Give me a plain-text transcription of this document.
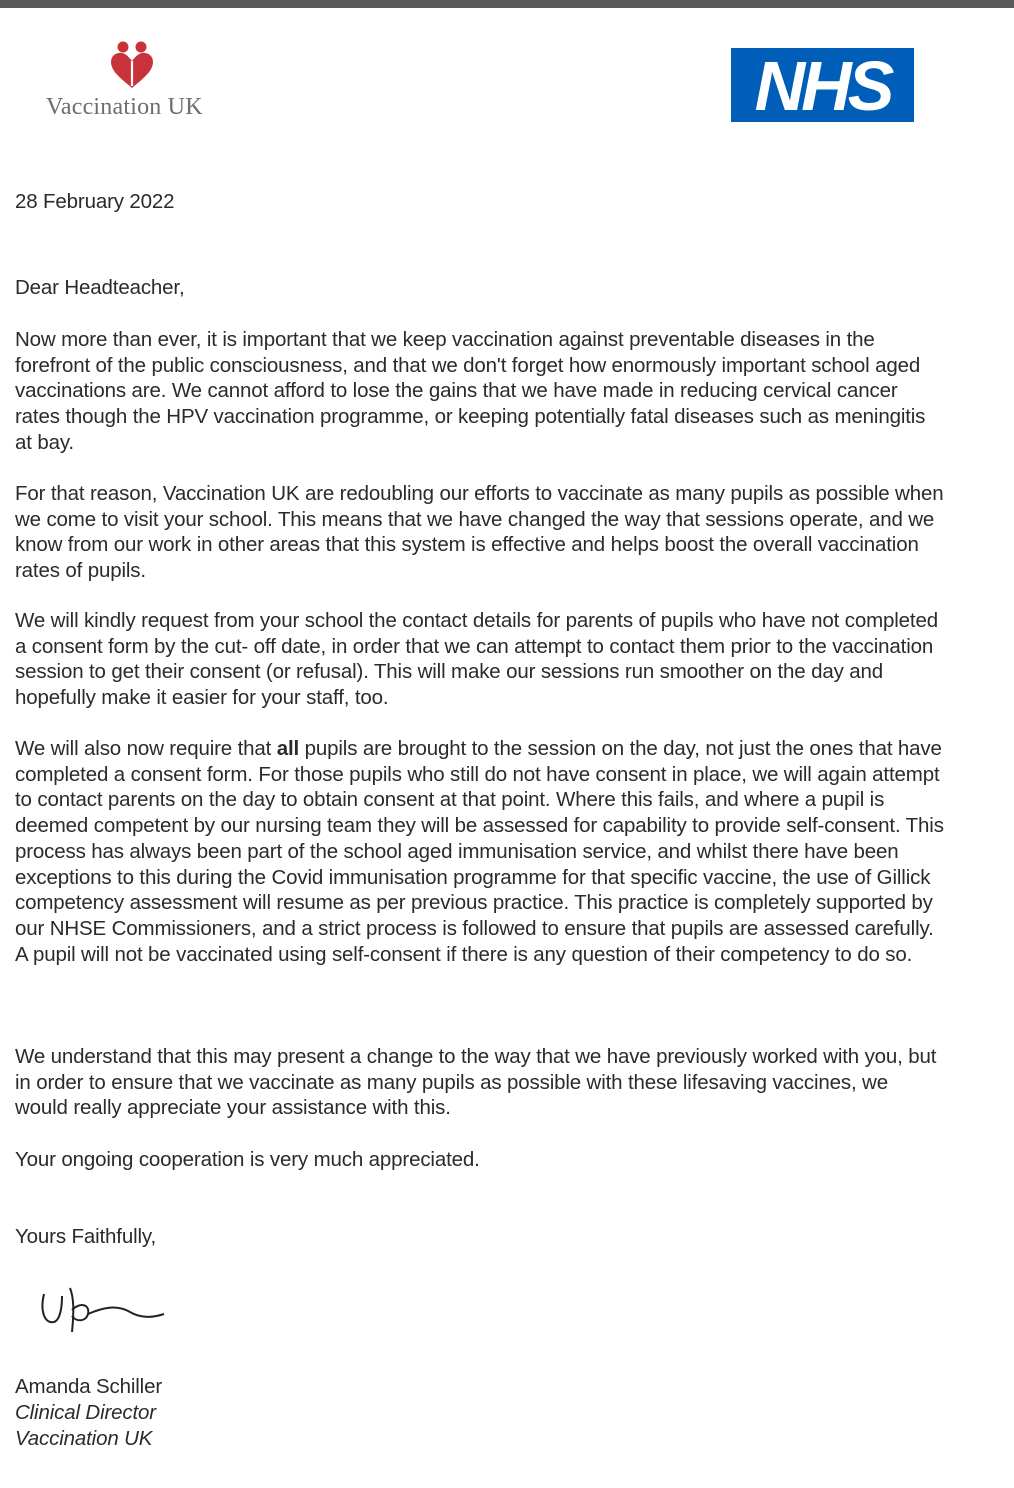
Vaccination UK	NHS
28 February 2022
Dear Headteacher,

Now more than ever, it is important that we keep vaccination against preventable diseases in the forefront of the public consciousness, and that we don't forget how enormously important school aged vaccinations are. We cannot afford to lose the gains that we have made in reducing cervical cancer rates though the HPV vaccination programme, or keeping potentially fatal diseases such as meningitis at bay.

For that reason, Vaccination UK are redoubling our efforts to vaccinate as many pupils as possible when we come to visit your school. This means that we have changed the way that sessions operate, and we know from our work in other areas that this system is effective and helps boost the overall vaccination rates of pupils.

We will kindly request from your school the contact details for parents of pupils who have not completed a consent form by the cut- off date, in order that we can attempt to contact them prior to the vaccination session to get their consent (or refusal). This will make our sessions run smoother on the day and hopefully make it easier for your staff, too.

We will also now require that all pupils are brought to the session on the day, not just the ones that have completed a consent form. For those pupils who still do not have consent in place, we will again attempt to contact parents on the day to obtain consent at that point. Where this fails, and where a pupil is deemed competent by our nursing team they will be assessed for capability to provide self-consent. This process has always been part of the school aged immunisation service, and whilst there have been exceptions to this during the Covid immunisation programme for that specific vaccine, the use of Gillick competency assessment will resume as per previous practice. This practice is completely supported by our NHSE Commissioners, and a strict process is followed to ensure that pupils are assessed carefully. A pupil will not be vaccinated using self-consent if there is any question of their competency to do so.

We understand that this may present a change to the way that we have previously worked with you, but in order to ensure that we vaccinate as many pupils as possible with these lifesaving vaccines, we would really appreciate your assistance with this.

Your ongoing cooperation is very much appreciated.

Yours Faithfully,
Amanda Schiller
Clinical Director
Vaccination UK
